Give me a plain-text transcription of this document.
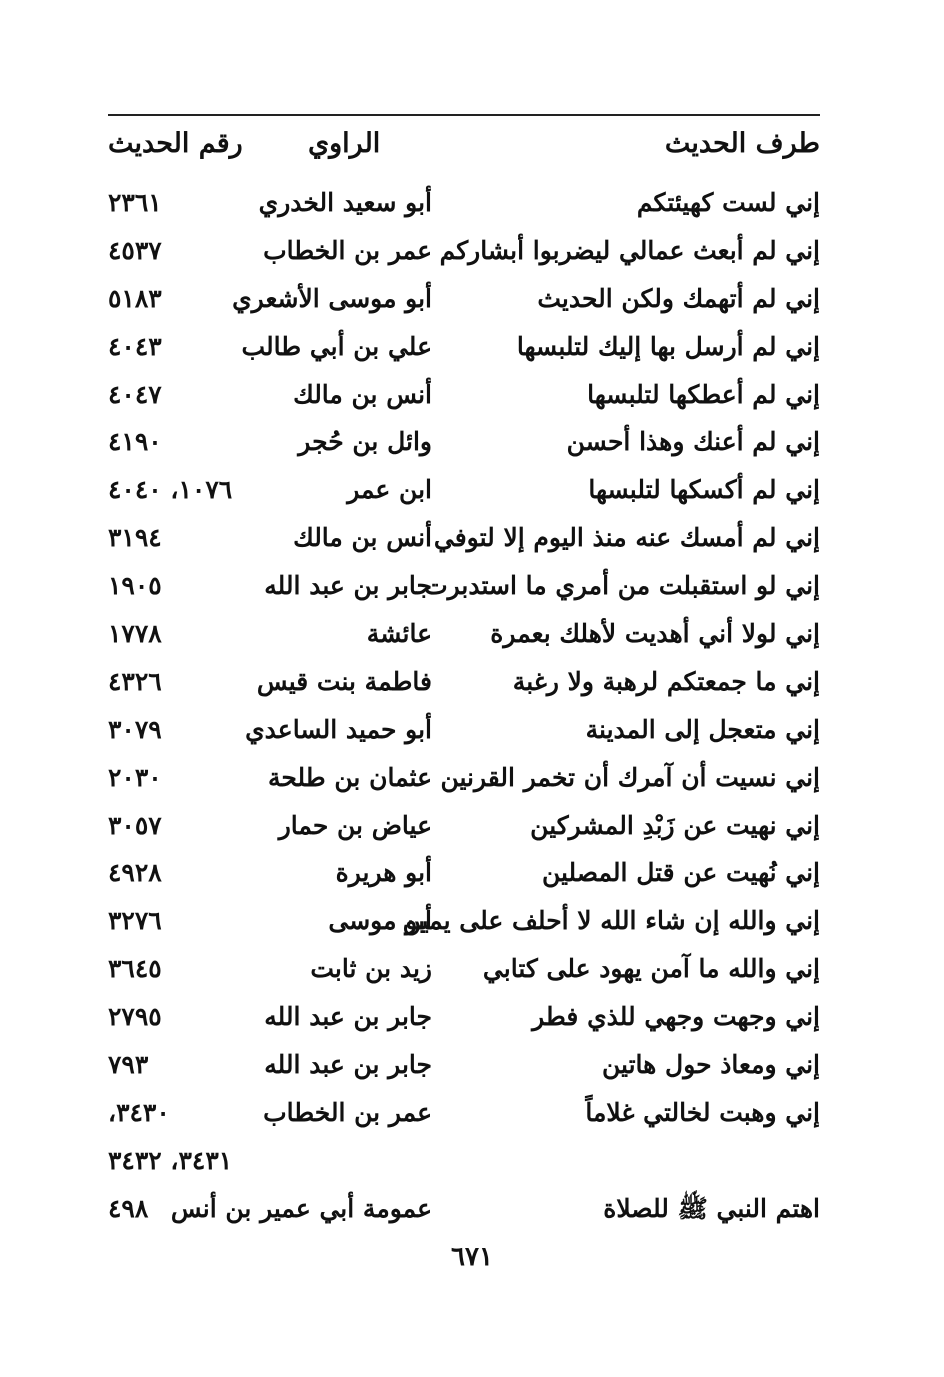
طرف الحديث
الراوي
رقم الحديث
إني لست كهيئتكم
أبو سعيد الخدري
٢٣٦١
إني لم أبعث عمالي ليضربوا أبشاركم
عمر بن الخطاب
٤٥٣٧
إني لم أتهمك ولكن الحديث
أبو موسى الأشعري
٥١٨٣
إني لم أرسل بها إليك لتلبسها
علي بن أبي طالب
٤٠٤٣
إني لم أعطكها لتلبسها
أنس بن مالك
٤٠٤٧
إني لم أعنك وهذا أحسن
وائل بن حُجر
٤١٩٠
إني لم أكسكها لتلبسها
ابن عمر
١٠٧٦، ٤٠٤٠
إني لم أمسك عنه منذ اليوم إلا لتوفي
أنس بن مالك
٣١٩٤
إني لو استقبلت من أمري ما استدبرت
جابر بن عبد الله
١٩٠٥
إني لولا أني أهديت لأهلك بعمرة
عائشة
١٧٧٨
إني ما جمعتكم لرهبة ولا رغبة
فاطمة بنت قيس
٤٣٢٦
إني متعجل إلى المدينة
أبو حميد الساعدي
٣٠٧٩
إني نسيت أن آمرك أن تخمر القرنين
عثمان بن طلحة
٢٠٣٠
إني نهيت عن زَبْدِ المشركين
عياض بن حمار
٣٠٥٧
إني نُهيت عن قتل المصلين
أبو هريرة
٤٩٢٨
إني والله إن شاء الله لا أحلف على يمين
أبو موسى
٣٢٧٦
إني والله ما آمن يهود على كتابي
زيد بن ثابت
٣٦٤٥
إني وجهت وجهي للذي فطر
جابر بن عبد الله
٢٧٩٥
إني ومعاذ حول هاتين
جابر بن عبد الله
٧٩٣
إني وهبت لخالتي غلاماً
عمر بن الخطاب
٣٤٣٠،
٣٤٣١، ٣٤٣٢
اهتم النبي ﷺ للصلاة
عمومة أبي عمير بن أنس
٤٩٨
٦٧١
